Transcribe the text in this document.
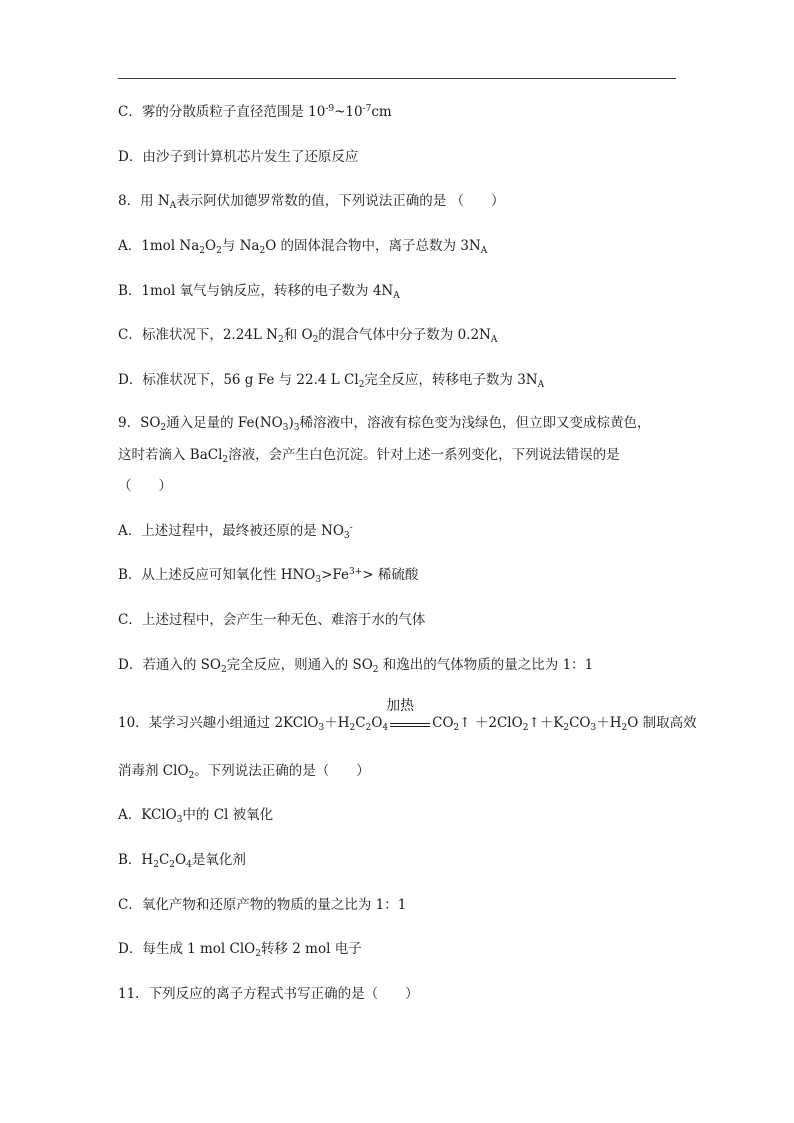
C．雾的分散质粒子直径范围是 $10^{-9}\sim 10^{-7}cm$
D．由沙子到计算机芯片发生了还原反应
8．用 $N_A$表示阿伏加德罗常数的值，下列说法正确的是 （　　）
A．1mol $Na_2O_2$与 $Na_2O$ 的固体混合物中，离子总数为 $3N_A$
B．1mol 氧气与钠反应，转移的电子数为 $4N_A$
C．标准状况下，2.24L $N_2$和 $O_2$的混合气体中分子数为 $0.2N_A$
D．标准状况下，56 g Fe 与 22.4 L $Cl_2$完全反应，转移电子数为 $3N_A$
9．$SO_2$通入足量的 $Fe(NO_3)_3$稀溶液中，溶液有棕色变为浅绿色，但立即又变成棕黄色，
这时若滴入 BaCl$_2$溶液，会产生白色沉淀。针对上述一系列变化，下列说法错误的是
（　　）
A．上述过程中，最终被还原的是 $NO_3^-$
B．从上述反应可知氧化性 $HNO_3>Fe^{3+}>$ 稀硫酸
C．上述过程中，会产生一种无色、难溶于水的气体
D．若通入的 $SO_2$完全反应，则通入的 $SO_2$ 和逸出的气体物质的量之比为 1：1
10．某学习兴趣小组通过 $2KClO_3+H_2C_2O_4$
加热
$CO_2↑$ $+2ClO_2↑+K_2CO_3+H_2O$ 制取高效
消毒剂 ClO$_2$。下列说法正确的是（　　）
A．KClO$_3$中的 Cl 被氧化
B．$H_2C_2O_4$是氧化剂
C．氧化产物和还原产物的物质的量之比为 1：1
D．每生成 1 mol ClO$_2$转移 2 mol 电子
11．下列反应的离子方程式书写正确的是（　　）
